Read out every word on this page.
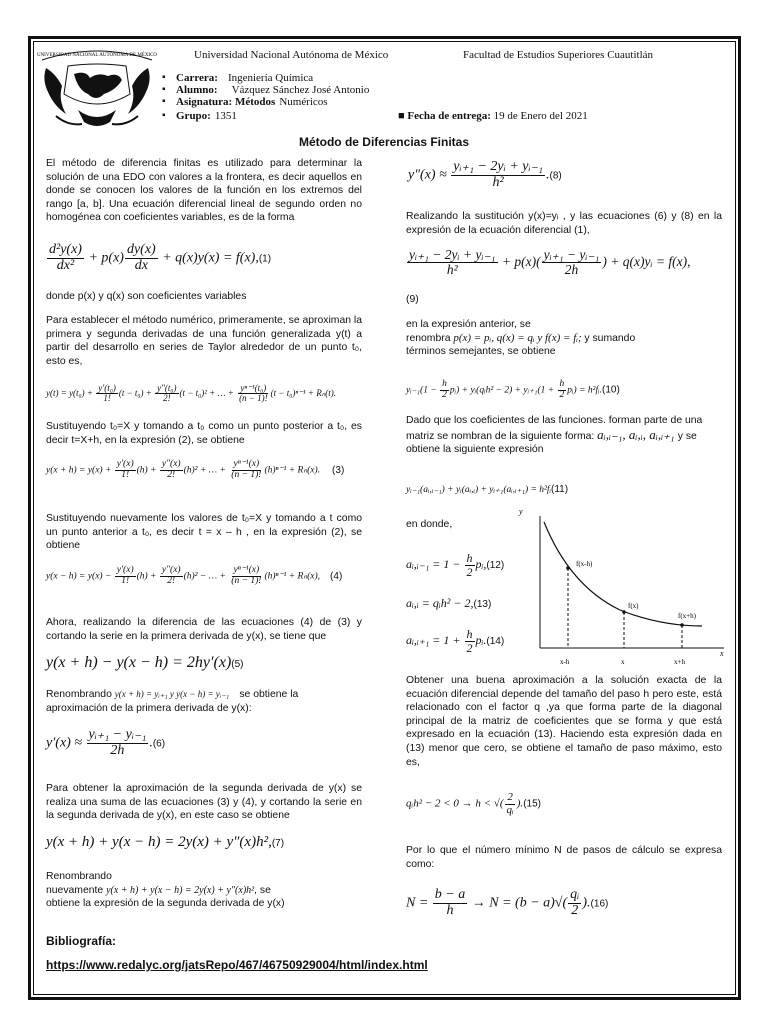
UNIVERSIDAD NACIONAL AUTÓNOMA DE MÉXICO	Universidad Nacional Autónoma de México	Facultad de Estudios Superiores Cuautitlán
▪ Carrera: Ingeniería Química
▪ Alumno: Vázquez Sánchez José Antonio
▪ Asignatura: Métodos Numéricos
▪ Grupo: 1351	■ Fecha de entrega: 19 de Enero del 2021
Método de Diferencias Finitas
El método de diferencia finitas es utilizado para determinar la solución de una EDO con valores a la frontera, es decir aquellos en donde se conocen los valores de la función en los extremos del rango [a, b]. Una ecuación diferencial lineal de segundo orden no homogénea con coeficientes variables, es de la forma
$\frac{\text{d²y(x)}}{\text{dx²}} + p(x) \frac{dy(x)}{dx} + q(x)y(x) = f(x),(1)$
donde p(x) y q(x) son coeficientes variables
Para establecer el método numérico, primeramente, se aproximan la primera y segunda derivadas de una función generalizada y(t) a partir del desarrollo en series de Taylor alrededor de un punto t₀, esto es,
$y(t) = y(t_0) + \frac{\text{y′(t₀)}}{1!} (t - t_0) + \frac{\text{y″(t₀)}}{2!} (t - t_0)^2$ + … + $\frac{\text{yⁿ⁻¹(t₀)}}{(n - 1)!} (t - t_0)^{n-1} + R_n(t)$.
Sustituyendo t₀=X y tomando a t₀ como un punto posterior a t₀, es decir t=X+h, en la expresión (2), se obtiene
$y(x + h) = y(x) + \frac{y'(x)}{1!} (h) + \frac{y''(x)}{2!} (h)^2$ + … + $\frac{\text{yⁿ⁻¹(x)}}{(n - 1)!} (h)^{n-1} + R_n(x)$. (3)
Sustituyendo nuevamente los valores de t₀=X y tomando a t como un punto anterior a t₀, es decir t = x – h , en la expresión (2), se obtiene
$y(x - h) = y(x) - \frac{y'(x)}{1!} (h) + \frac{y''(x)}{2!} (h)^2$ − … + $\frac{\text{yⁿ⁻¹(x)}}{(n - 1)!} (h)^{n-1} + R_n(x)$, (4)
Ahora, realizando la diferencia de las ecuaciones (4) de (3) y cortando la serie en la primera derivada de y(x), se tiene que
y(x + h) − y(x − h) = 2hy′(x)(5)
Renombrando y(x + h) = yᵢ₊₁ y y(x − h) = yᵢ₋₁ se obtiene la
aproximación de la primera derivada de y(x):
$y'(x) \approx \frac{\text{yᵢ₊₁ − yᵢ₋₁}}{2h} .(6)$
Para obtener la aproximación de la segunda derivada de y(x) se realiza una suma de las ecuaciones (3) y (4), y cortando la serie en la segunda derivada de y(x), en este caso se obtiene
y(x + h) + y(x − h) = 2y(x) + y″(x)h²,(7)
Renombrando
nuevamente y(x + h) + y(x − h) = 2y(x) + y″(x)h², se
obtiene la expresión de la segunda derivada de y(x)
$y''(x) \approx \frac{\text{yᵢ₊₁ − 2yᵢ + yᵢ₋₁}}{\text{h²}} .(8)$
Realizando la sustitución y(x)=yᵢ , y las ecuaciones (6) y (8) en la expresión de la ecuación diferencial (1),
$\frac{\text{yᵢ₊₁ − 2yᵢ + yᵢ₋₁}}{\text{h²}} + p(x)( \frac{\text{yᵢ₊₁ − yᵢ₋₁}}{2h}$ ) + q(x)yᵢ = f(x),
(9)
en la expresión anterior, se
renombra p(x) = pᵢ, q(x) = qᵢ y f(x) = fᵢ; y sumando
términos semejantes, se obtiene
yᵢ₋₁(1 − $\frac{h}{2}$ pᵢ) + yᵢ(qᵢh² − 2) + yᵢ₊₁(1 + $\frac{h}{2}$ pᵢ) = h²fᵢ.(10)
Dado que los coeficientes de las funciones. forman parte de una
matriz se nombran de la siguiente forma: aᵢ,ᵢ₋₁, aᵢ,ᵢ, aᵢ,ᵢ₊₁ y se
obtiene la siguiente expresión
yᵢ₋₁(aᵢ,ᵢ₋₁) + yᵢ(aᵢ,ᵢ) + yᵢ₊₁(aᵢ,ᵢ₊₁) = h²fᵢ(11)
en donde,
aᵢ,ᵢ₋₁ = $1 - \frac{h}{2}$ pᵢ,(12)
aᵢ,ᵢ = qᵢh² − 2,(13)
aᵢ,ᵢ₊₁ = $1 + \frac{h}{2}$ pᵢ.(14)
y
x
f(x-h)
f(x)
f(x+h)
x-h	x	x+h
Obtener una buena aproximación a la solución exacta de la ecuación diferencial depende del tamaño del paso h pero este, está relacionado con el factor q ,ya que forma parte de la diagonal principal de la matriz de coeficientes que se forma y que está expresado en la ecuación (13). Haciendo esta expresión dada en (13) menor que cero, se obtiene el tamaño de paso máximo, esto es,
qᵢh² − 2 < 0 → h < √( $\frac{2}{\text{qᵢ}} ).(15)$
Por lo que el número mínimo N de pasos de cálculo se expresa como:
$N = \frac{b - a}{h} \to N = (b - a)√( \frac{\text{qᵢ}}{2} ).(16)$
Bibliografía:
https://www.redalyc.org/jatsRepo/467/46750929004/html/index.html
